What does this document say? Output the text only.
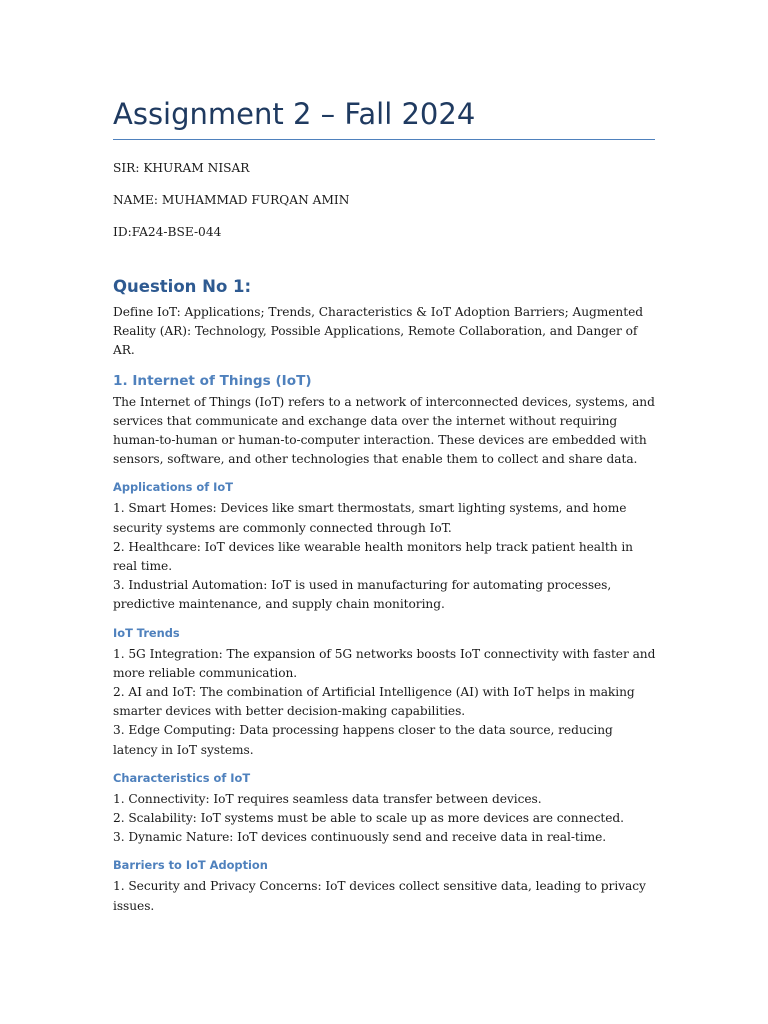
Assignment 2 – Fall 2024
SIR: KHURAM NISAR
NAME: MUHAMMAD FURQAN AMIN
ID:FA24-BSE-044
Question No 1:

Define IoT: Applications; Trends, Characteristics & IoT Adoption Barriers; Augmented Reality (AR): Technology, Possible Applications, Remote Collaboration, and Danger of AR.

1. Internet of Things (IoT)

The Internet of Things (IoT) refers to a network of interconnected devices, systems, and services that communicate and exchange data over the internet without requiring human-to-human or human-to-computer interaction. These devices are embedded with sensors, software, and other technologies that enable them to collect and share data.

Applications of IoT

1. Smart Homes: Devices like smart thermostats, smart lighting systems, and home security systems are commonly connected through IoT.

2. Healthcare: IoT devices like wearable health monitors help track patient health in real time.

3. Industrial Automation: IoT is used in manufacturing for automating processes, predictive maintenance, and supply chain monitoring.

IoT Trends

1. 5G Integration: The expansion of 5G networks boosts IoT connectivity with faster and more reliable communication.

2. AI and IoT: The combination of Artificial Intelligence (AI) with IoT helps in making smarter devices with better decision-making capabilities.

3. Edge Computing: Data processing happens closer to the data source, reducing latency in IoT systems.

Characteristics of IoT

1. Connectivity: IoT requires seamless data transfer between devices.

2. Scalability: IoT systems must be able to scale up as more devices are connected.

3. Dynamic Nature: IoT devices continuously send and receive data in real-time.

Barriers to IoT Adoption

1. Security and Privacy Concerns: IoT devices collect sensitive data, leading to privacy issues.
